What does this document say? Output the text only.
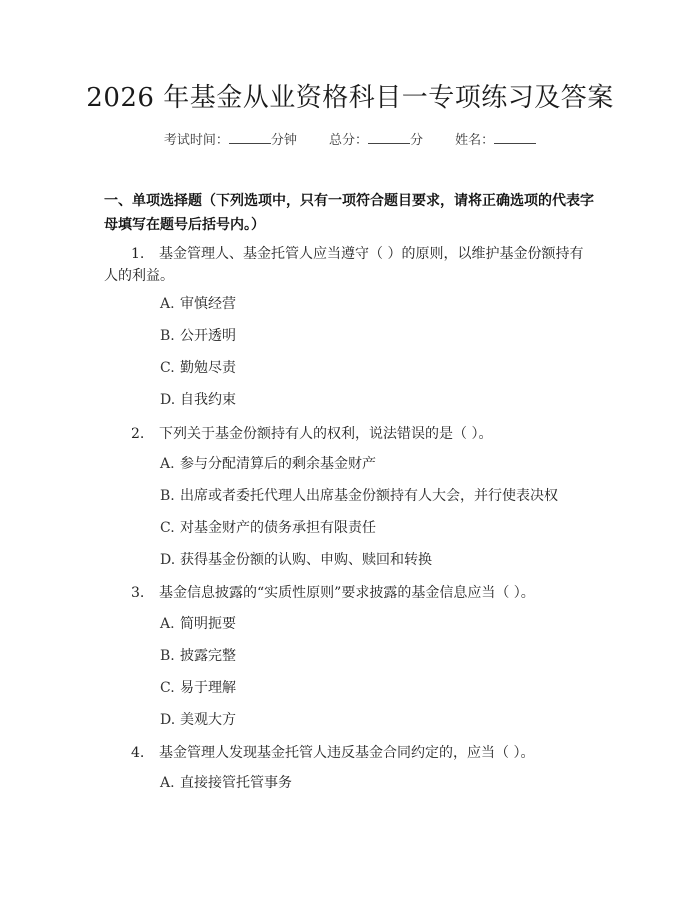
2026 年基金从业资格科目一专项练习及答案
考试时间：	分钟 总分：	分 姓名：
一、单项选择题（下列选项中，只有一项符合题目要求，请将正确选项的代表字母填写在题号后括号内。）
1. 基金管理人、基金托管人应当遵守（ ）的原则，以维护基金份额持有人的利益。
A. 审慎经营
B. 公开透明
C. 勤勉尽责
D. 自我约束
2. 下列关于基金份额持有人的权利，说法错误的是（ ）。
A. 参与分配清算后的剩余基金财产
B. 出席或者委托代理人出席基金份额持有人大会，并行使表决权
C. 对基金财产的债务承担有限责任
D. 获得基金份额的认购、申购、赎回和转换
3. 基金信息披露的“实质性原则”要求披露的基金信息应当（ ）。
A. 简明扼要
B. 披露完整
C. 易于理解
D. 美观大方
4. 基金管理人发现基金托管人违反基金合同约定的，应当（ ）。
A. 直接接管托管事务
